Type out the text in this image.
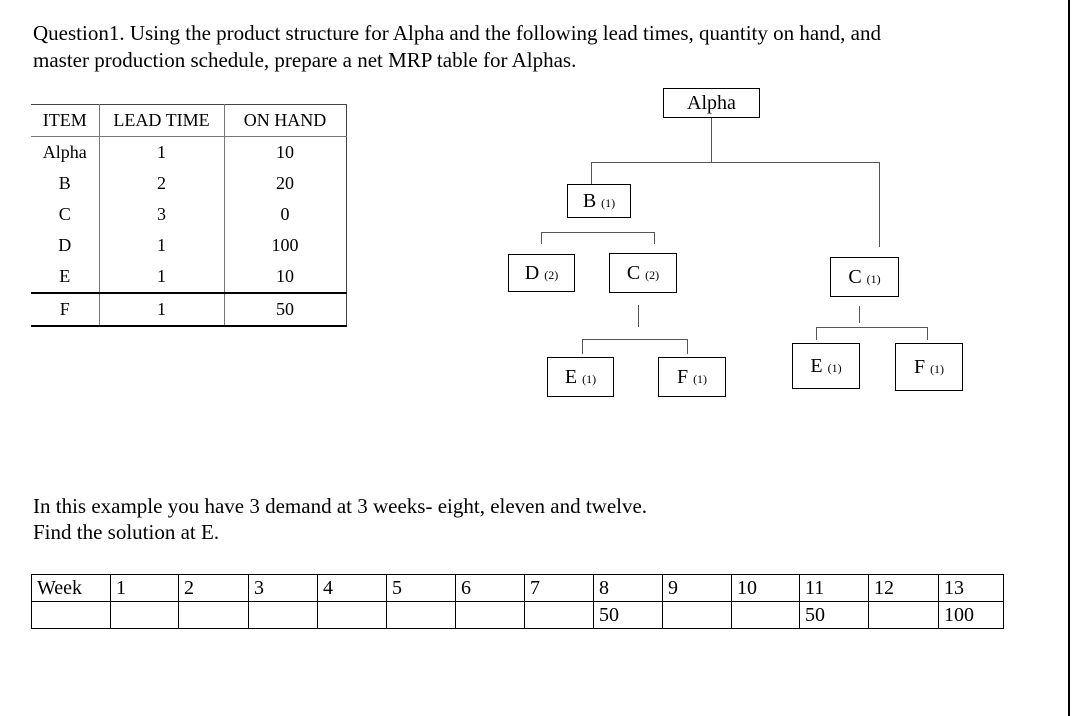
Question1. Using the product structure for Alpha and the following lead times, quantity on hand, and
master production schedule, prepare a net MRP table for Alphas.
ITEM	LEAD TIME	ON HAND
Alpha	1	10
B	2	20
C	3	0
D	1	100
E	1	10
F	1	50
Alpha
B (1)
D (2)	C (2)	C (1)
E (1)	F (1)
E (1)	F (1)
In this example you have 3 demand at 3 weeks- eight, eleven and twelve.
Find the solution at E.
Week	1	2	3	4	5	6	7	8	9	10	11	12	13
								50			50		100
